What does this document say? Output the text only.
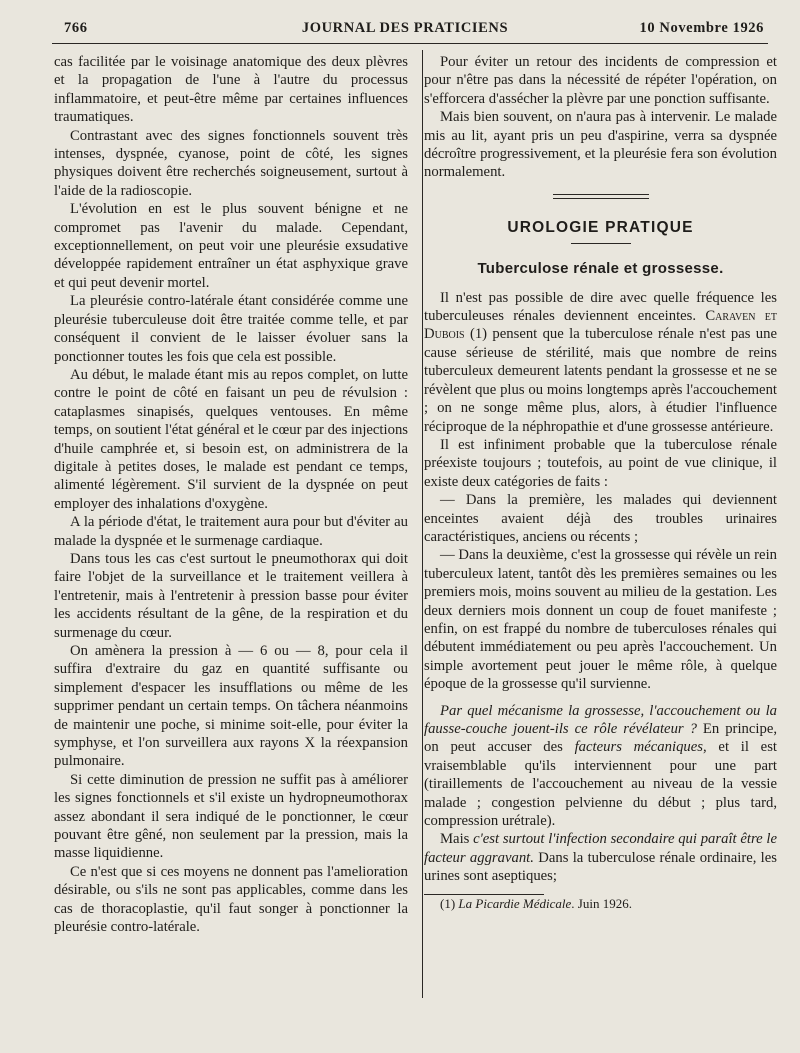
766	JOURNAL DES PRATICIENS	10 Novembre 1926

cas facilitée par le voisinage anatomique des deux plèvres et la propagation de l'une à l'autre du processus inflammatoire, et peut-être même par certaines influences traumatiques.

Contrastant avec des signes fonctionnels souvent très intenses, dyspnée, cyanose, point de côté, les signes physiques doivent être recherchés soigneusement, surtout à l'aide de la radioscopie.

L'évolution en est le plus souvent bénigne et ne compromet pas l'avenir du malade. Cependant, exceptionnellement, on peut voir une pleurésie exsudative développée rapidement entraîner un état asphyxique grave et qui peut devenir mortel.

La pleurésie contro-latérale étant considérée comme une pleurésie tuberculeuse doit être traitée comme telle, et par conséquent il convient de le laisser évoluer sans la ponctionner toutes les fois que cela est possible.

Au début, le malade étant mis au repos complet, on lutte contre le point de côté en faisant un peu de révulsion : cataplasmes sinapisés, quelques ventouses. En même temps, on soutient l'état général et le cœur par des injections d'huile camphrée et, si besoin est, on administrera de la digitale à petites doses, le malade est pendant ce temps, alimenté légèrement. S'il survient de la dyspnée on peut employer des inhalations d'oxygène.

A la période d'état, le traitement aura pour but d'éviter au malade la dyspnée et le surmenage cardiaque.

Dans tous les cas c'est surtout le pneumothorax qui doit faire l'objet de la surveillance et le traitement veillera à l'entretenir, mais à l'entretenir à pression basse pour éviter les accidents résultant de la gêne, de la respiration et du surmenage du cœur.

On amènera la pression à — 6 ou — 8, pour cela il suffira d'extraire du gaz en quantité suffisante ou simplement d'espacer les insufflations ou même de les supprimer pendant un certain temps. On tâchera néanmoins de maintenir une poche, si minime soit-elle, pour éviter la symphyse, et l'on surveillera aux rayons X la réexpansion pulmonaire.

Si cette diminution de pression ne suffit pas à améliorer les signes fonctionnels et s'il existe un hydropneumothorax assez abondant il sera indiqué de le ponctionner, le cœur pouvant être gêné, non seulement par la pression, mais la masse liquidienne.

Ce n'est que si ces moyens ne donnent pas l'amelioration désirable, ou s'ils ne sont pas applicables, comme dans les cas de thoracoplastie, qu'il faut songer à ponctionner la pleurésie contro-latérale.

Pour éviter un retour des incidents de compression et pour n'être pas dans la nécessité de répéter l'opération, on s'efforcera d'assécher la plèvre par une ponction suffisante.

Mais bien souvent, on n'aura pas à intervenir. Le malade mis au lit, ayant pris un peu d'aspirine, verra sa dyspnée décroître progressivement, et la pleurésie fera son évolution normalement.

UROLOGIE PRATIQUE
Tuberculose rénale et grossesse.

Il n'est pas possible de dire avec quelle fréquence les tuberculeuses rénales deviennent enceintes. Caraven et Dubois (1) pensent que la tuberculose rénale n'est pas une cause sérieuse de stérilité, mais que nombre de reins tuberculeux demeurent latents pendant la grossesse et ne se révèlent que plus ou moins longtemps après l'accouchement ; on ne songe même plus, alors, à étudier l'influence réciproque de la néphropathie et d'une grossesse antérieure.

Il est infiniment probable que la tuberculose rénale préexiste toujours ; toutefois, au point de vue clinique, il existe deux catégories de faits :

— Dans la première, les malades qui deviennent enceintes avaient déjà des troubles urinaires caractéristiques, anciens ou récents ;

— Dans la deuxième, c'est la grossesse qui révèle un rein tuberculeux latent, tantôt dès les premières semaines ou les premiers mois, moins souvent au milieu de la gestation. Les deux derniers mois donnent un coup de fouet manifeste ; enfin, on est frappé du nombre de tuberculoses rénales qui débutent immédiatement ou peu après l'accouchement. Un simple avortement peut jouer le même rôle, à quelque époque de la grossesse qu'il survienne.

Par quel mécanisme la grossesse, l'accouchement ou la fausse-couche jouent-ils ce rôle révélateur ? En principe, on peut accuser des facteurs mécaniques, et il est vraisemblable qu'ils interviennent pour une part (tiraillements de l'accouchement au niveau de la vessie malade ; congestion pelvienne du début ; plus tard, compression urétrale).

Mais c'est surtout l'infection secondaire qui paraît être le facteur aggravant. Dans la tuberculose rénale ordinaire, les urines sont aseptiques;

(1) La Picardie Médicale. Juin 1926.
